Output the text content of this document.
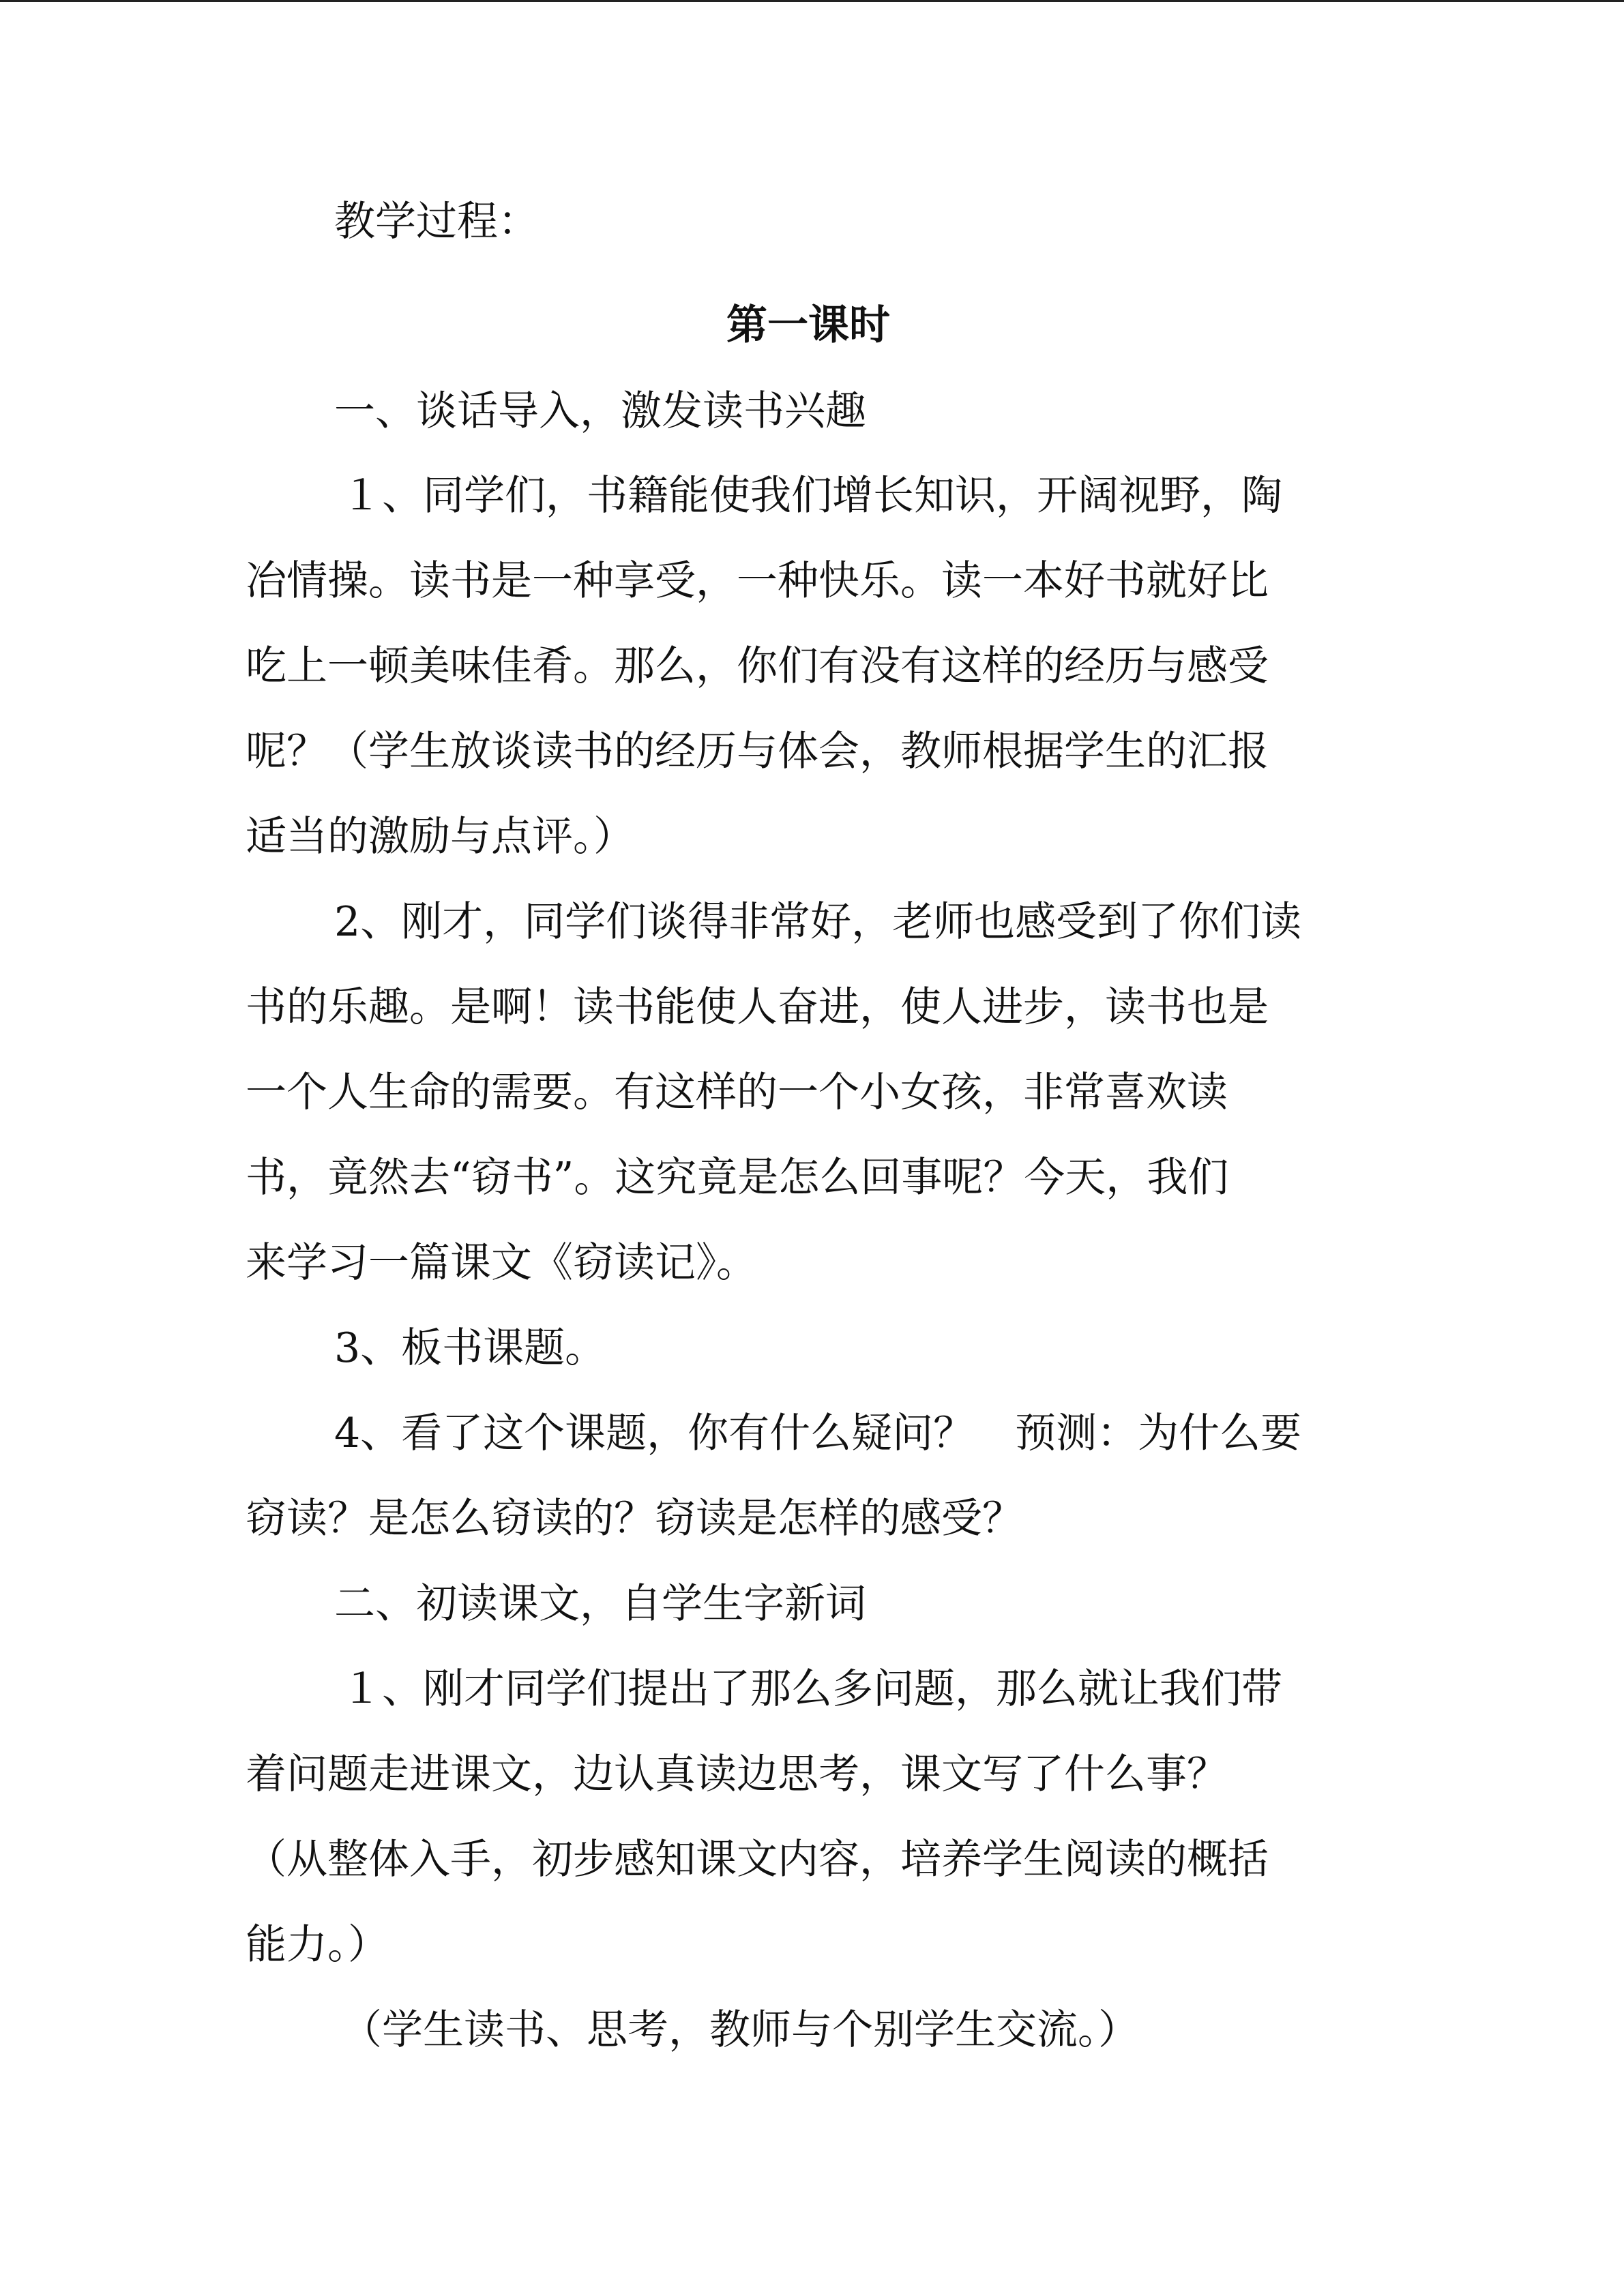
教学过程：
第一课时
一、谈话导入，激发读书兴趣
１、同学们，书籍能使我们增长知识，开阔视野，陶
冶情操。读书是一种享受，一种快乐。读一本好书就好比
吃上一顿美味佳肴。那么，你们有没有这样的经历与感受
呢？（学生放谈读书的经历与体会，教师根据学生的汇报
适当的激励与点评。）
2、刚才，同学们谈得非常好，老师也感受到了你们读
书的乐趣。是啊！读书能使人奋进，使人进步，读书也是
一个人生命的需要。有这样的一个小女孩，非常喜欢读
书，竟然去“窃书”。这究竟是怎么回事呢？今天，我们
来学习一篇课文《窃读记》。
3、板书课题。
4、看了这个课题，你有什么疑问？　预测：为什么要
窃读？是怎么窃读的？窃读是怎样的感受？
二、初读课文，自学生字新词
１、刚才同学们提出了那么多问题，那么就让我们带
着问题走进课文，边认真读边思考，课文写了什么事？
（从整体入手，初步感知课文内容，培养学生阅读的概括
能力。）
（学生读书、思考，教师与个别学生交流。）
